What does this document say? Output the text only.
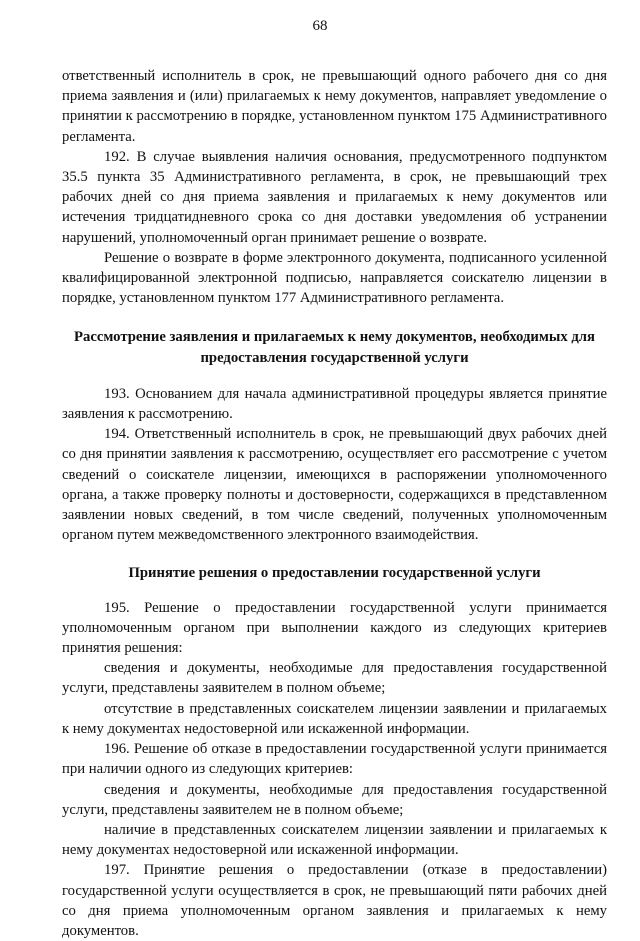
68

ответственный исполнитель в срок, не превышающий одного рабочего дня со дня приема заявления и (или) прилагаемых к нему документов, направляет уведомление о принятии к рассмотрению в порядке, установленном пунктом 175 Административного регламента.

192. В случае выявления наличия основания, предусмотренного подпунктом 35.5 пункта 35 Административного регламента, в срок, не превышающий трех рабочих дней со дня приема заявления и прилагаемых к нему документов или истечения тридцатидневного срока со дня доставки уведомления об устранении нарушений, уполномоченный орган принимает решение о возврате.

Решение о возврате в форме электронного документа, подписанного усиленной квалифицированной электронной подписью, направляется соискателю лицензии в порядке, установленном пунктом 177 Административного регламента.

Рассмотрение заявления и прилагаемых к нему документов, необходимых для предоставления государственной услуги

193. Основанием для начала административной процедуры является принятие заявления к рассмотрению.

194. Ответственный исполнитель в срок, не превышающий двух рабочих дней со дня принятии заявления к рассмотрению, осуществляет его рассмотрение с учетом сведений о соискателе лицензии, имеющихся в распоряжении уполномоченного органа, а также проверку полноты и достоверности, содержащихся в представленном заявлении новых сведений, в том числе сведений, полученных уполномоченным органом путем межведомственного электронного взаимодействия.

Принятие решения о предоставлении государственной услуги

195. Решение о предоставлении государственной услуги принимается уполномоченным органом при выполнении каждого из следующих критериев принятия решения:

сведения и документы, необходимые для предоставления государственной услуги, представлены заявителем в полном объеме;

отсутствие в представленных соискателем лицензии заявлении и прилагаемых к нему документах недостоверной или искаженной информации.

196. Решение об отказе в предоставлении государственной услуги принимается при наличии одного из следующих критериев:

сведения и документы, необходимые для предоставления государственной услуги, представлены заявителем не в полном объеме;

наличие в представленных соискателем лицензии заявлении и прилагаемых к нему документах недостоверной или искаженной информации.

197. Принятие решения о предоставлении (отказе в предоставлении) государственной услуги осуществляется в срок, не превышающий пяти рабочих дней со дня приема уполномоченным органом заявления и прилагаемых к нему документов.
